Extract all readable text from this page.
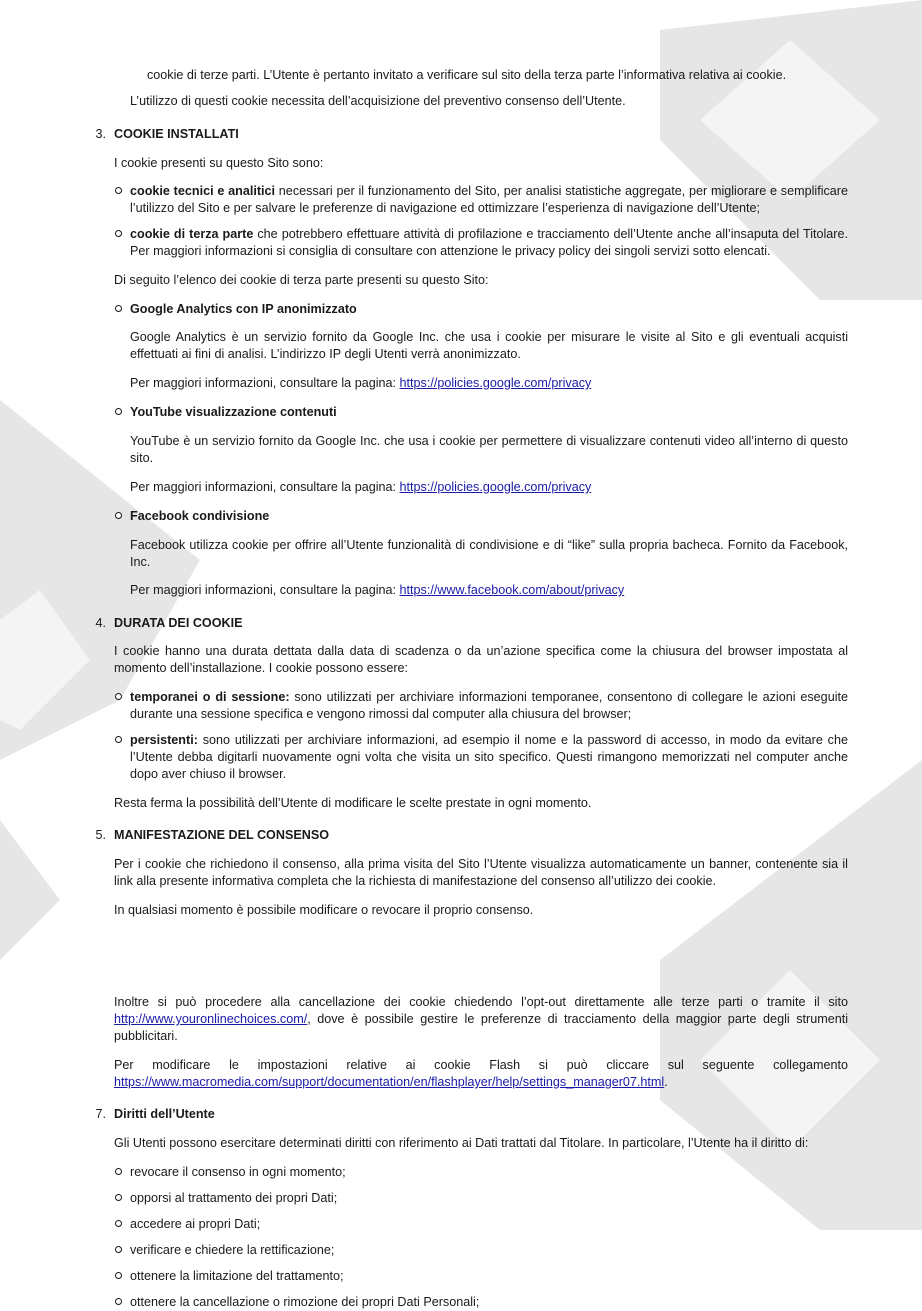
cookie di terze parti. L’Utente è pertanto invitato a verificare sul sito della terza parte l’informativa relativa ai cookie.

L’utilizzo di questi cookie necessita dell’acquisizione del preventivo consenso dell’Utente.

3. COOKIE INSTALLATI

I cookie presenti su questo Sito sono:

cookie tecnici e analitici necessari per il funzionamento del Sito, per analisi statistiche aggregate, per migliorare e semplificare l’utilizzo del Sito e per salvare le preferenze di navigazione ed ottimizzare l’esperienza di navigazione dell’Utente;

cookie di terza parte che potrebbero effettuare attività di profilazione e tracciamento dell’Utente anche all’insaputa del Titolare. Per maggiori informazioni si consiglia di consultare con attenzione le privacy policy dei singoli servizi sotto elencati.

Di seguito l’elenco dei cookie di terza parte presenti su questo Sito:

Google Analytics con IP anonimizzato

Google Analytics è un servizio fornito da Google Inc. che usa i cookie per misurare le visite al Sito e gli eventuali acquisti effettuati ai fini di analisi. L’indirizzo IP degli Utenti verrà anonimizzato.

Per maggiori informazioni, consultare la pagina: https://policies.google.com/privacy

YouTube visualizzazione contenuti

YouTube è un servizio fornito da Google Inc. che usa i cookie per permettere di visualizzare contenuti video all’interno di questo sito.

Per maggiori informazioni, consultare la pagina: https://policies.google.com/privacy

Facebook condivisione

Facebook utilizza cookie per offrire all’Utente funzionalità di condivisione e di “like” sulla propria bacheca. Fornito da Facebook, Inc.

Per maggiori informazioni, consultare la pagina: https://www.facebook.com/about/privacy

4. DURATA DEI COOKIE

I cookie hanno una durata dettata dalla data di scadenza o da un’azione specifica come la chiusura del browser impostata al momento dell’installazione. I cookie possono essere:

temporanei o di sessione: sono utilizzati per archiviare informazioni temporanee, consentono di collegare le azioni eseguite durante una sessione specifica e vengono rimossi dal computer alla chiusura del browser;

persistenti: sono utilizzati per archiviare informazioni, ad esempio il nome e la password di accesso, in modo da evitare che l’Utente debba digitarli nuovamente ogni volta che visita un sito specifico. Questi rimangono memorizzati nel computer anche dopo aver chiuso il browser.

Resta ferma la possibilità dell’Utente di modificare le scelte prestate in ogni momento.

5. MANIFESTAZIONE DEL CONSENSO

Per i cookie che richiedono il consenso, alla prima visita del Sito l’Utente visualizza automaticamente un banner, contenente sia il link alla presente informativa completa che la richiesta di manifestazione del consenso all’utilizzo dei cookie.

In qualsiasi momento è possibile modificare o revocare il proprio consenso.

Inoltre si può procedere alla cancellazione dei cookie chiedendo l’opt-out direttamente alle terze parti o tramite il sito http://www.youronlinechoices.com/, dove è possibile gestire le preferenze di tracciamento della maggior parte degli strumenti pubblicitari.

Per modificare le impostazioni relative ai cookie Flash si può cliccare sul seguente collegamento

https://www.macromedia.com/support/documentation/en/flashplayer/help/settings_manager07.html.

7. Diritti dell’Utente

Gli Utenti possono esercitare determinati diritti con riferimento ai Dati trattati dal Titolare. In particolare, l’Utente ha il diritto di:

revocare il consenso in ogni momento;

opporsi al trattamento dei propri Dati;

accedere ai propri Dati;

verificare e chiedere la rettificazione;

ottenere la limitazione del trattamento;

ottenere la cancellazione o rimozione dei propri Dati Personali;
